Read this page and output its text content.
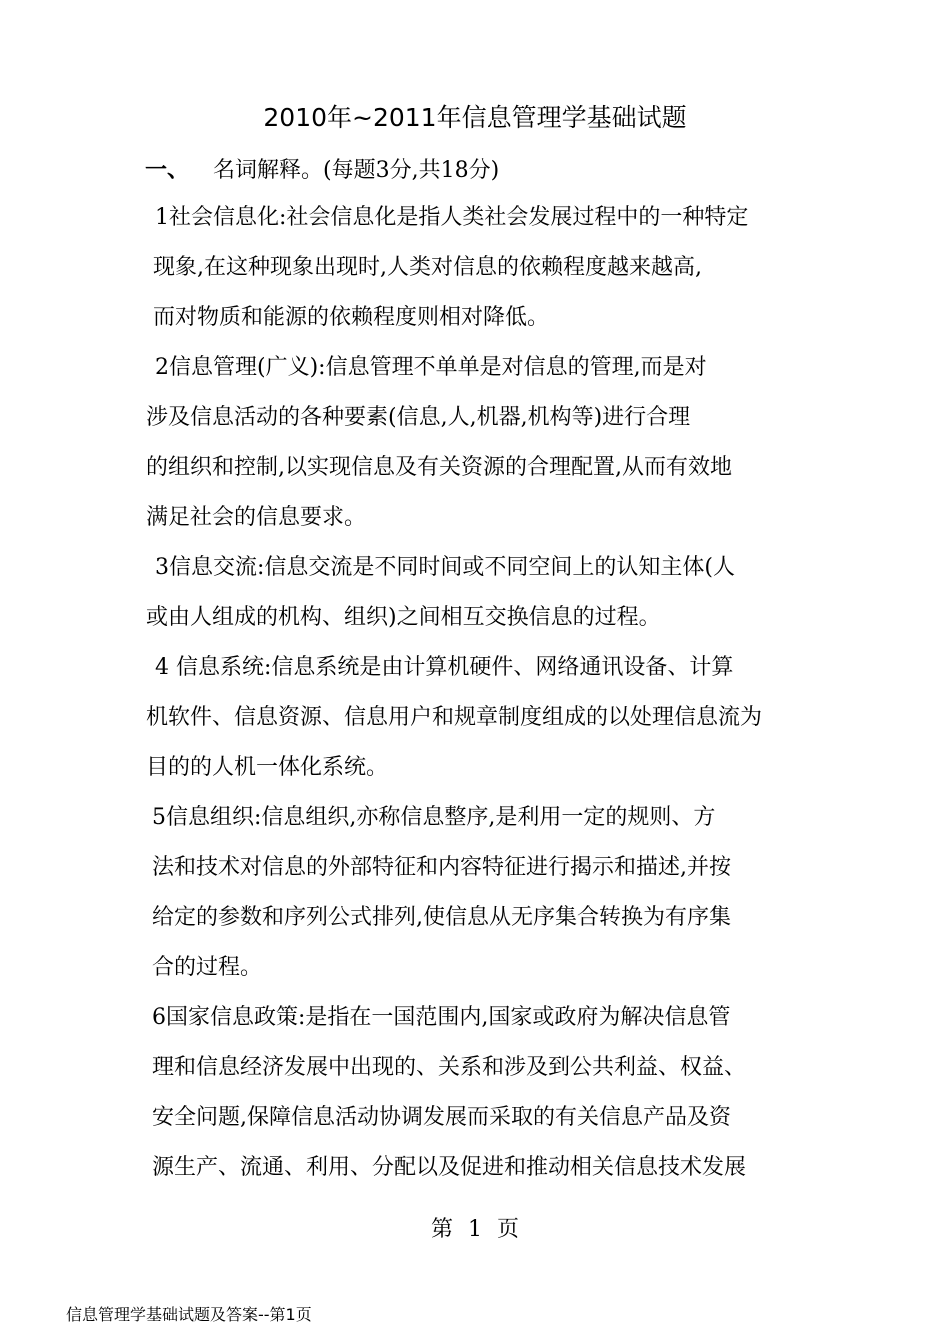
2010年~2011年信息管理学基础试题
一、 名词解释。(每题3分,共18分)
1社会信息化:社会信息化是指人类社会发展过程中的一种特定
现象,在这种现象出现时,人类对信息的依赖程度越来越高,
而对物质和能源的依赖程度则相对降低。
2信息管理(广义):信息管理不单单是对信息的管理,而是对
涉及信息活动的各种要素(信息,人,机器,机构等)进行合理
的组织和控制,以实现信息及有关资源的合理配置,从而有效地
满足社会的信息要求。
3信息交流:信息交流是不同时间或不同空间上的认知主体(人
或由人组成的机构、组织)之间相互交换信息的过程。
4 信息系统:信息系统是由计算机硬件、网络通讯设备、计算
机软件、信息资源、信息用户和规章制度组成的以处理信息流为
目的的人机一体化系统。
5信息组织:信息组织,亦称信息整序,是利用一定的规则、方
法和技术对信息的外部特征和内容特征进行揭示和描述,并按
给定的参数和序列公式排列,使信息从无序集合转换为有序集
合的过程。
6国家信息政策:是指在一国范围内,国家或政府为解决信息管
理和信息经济发展中出现的、关系和涉及到公共利益、权益、
安全问题,保障信息活动协调发展而采取的有关信息产品及资
源生产、流通、利用、分配以及促进和推动相关信息技术发展
第 1 页
信息管理学基础试题及答案--第1页
